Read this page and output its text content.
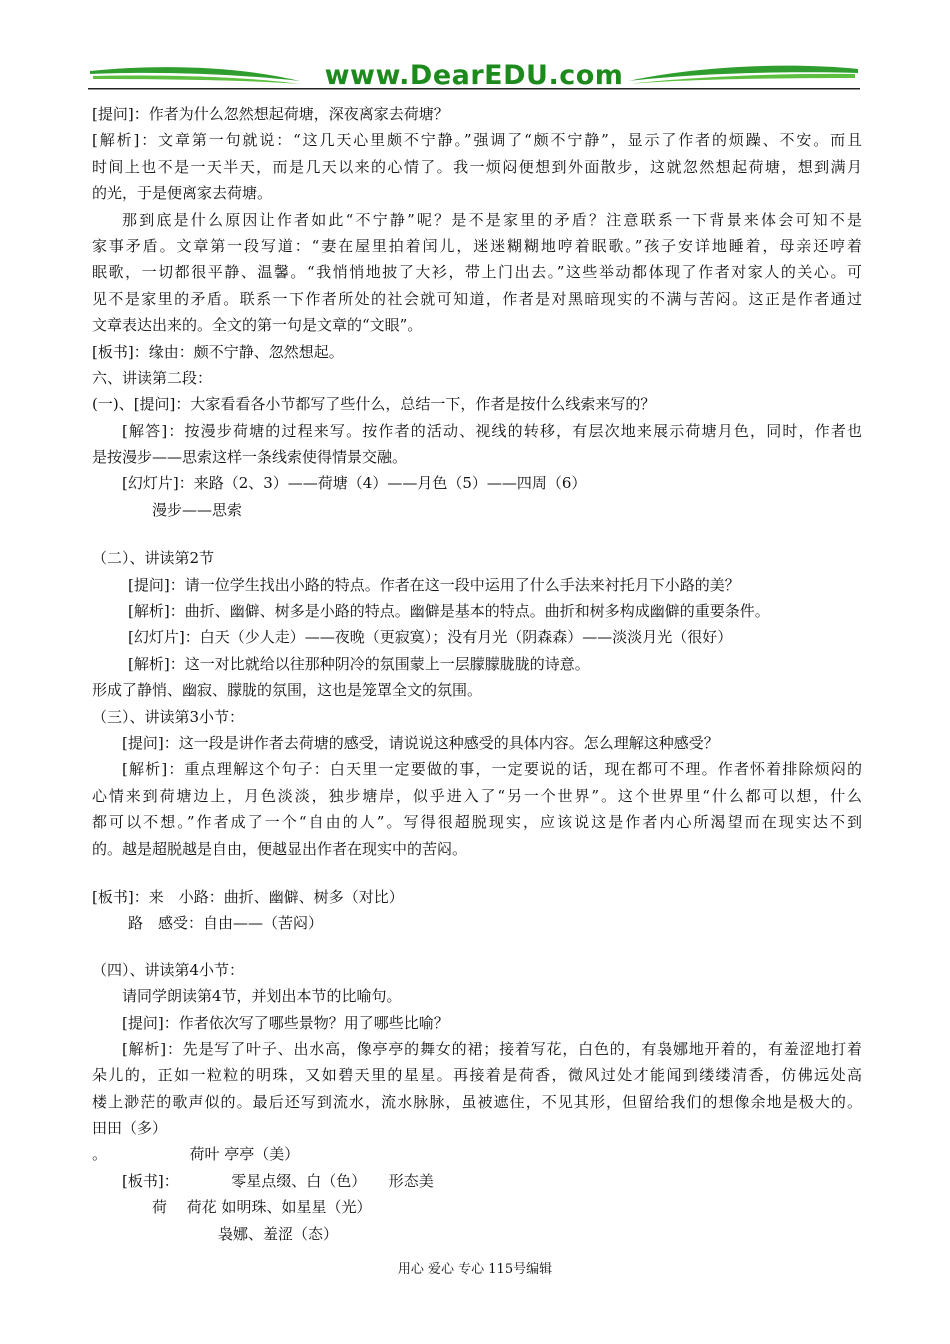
www.DearEDU.com
[提问]：作者为什么忽然想起荷塘，深夜离家去荷塘？
[解析]：文章第一句就说：“这几天心里颇不宁静。”强调了“颇不宁静”，显示了作者的烦躁、不安。而且
时间上也不是一天半天，而是几天以来的心情了。我一烦闷便想到外面散步，这就忽然想起荷塘，想到满月
的光，于是便离家去荷塘。
那到底是什么原因让作者如此“不宁静”呢？是不是家里的矛盾？注意联系一下背景来体会可知不是
家事矛盾。文章第一段写道：“妻在屋里拍着闰儿，迷迷糊糊地哼着眠歌。”孩子安详地睡着，母亲还哼着
眠歌，一切都很平静、温馨。“我悄悄地披了大衫，带上门出去。”这些举动都体现了作者对家人的关心。可
见不是家里的矛盾。联系一下作者所处的社会就可知道，作者是对黑暗现实的不满与苦闷。这正是作者通过
文章表达出来的。全文的第一句是文章的“文眼”。
[板书]：缘由：颇不宁静、忽然想起。
六、讲读第二段：
(一)、[提问]：大家看看各小节都写了些什么，总结一下，作者是按什么线索来写的？
[解答]：按漫步荷塘的过程来写。按作者的活动、视线的转移，有层次地来展示荷塘月色，同时，作者也
是按漫步——思索这样一条线索使得情景交融。
[幻灯片]：来路（2、3）——荷塘（4）——月色（5）——四周（6）
漫步——思索
（二）、讲读第2节
[提问]：请一位学生找出小路的特点。作者在这一段中运用了什么手法来衬托月下小路的美？
[解析]：曲折、幽僻、树多是小路的特点。幽僻是基本的特点。曲折和树多构成幽僻的重要条件。
[幻灯片]：白天（少人走）——夜晚（更寂寞）；没有月光（阴森森）——淡淡月光（很好）
[解析]：这一对比就给以往那种阴冷的氛围蒙上一层朦朦胧胧的诗意。
形成了静悄、幽寂、朦胧的氛围，这也是笼罩全文的氛围。
（三）、讲读第3小节：
[提问]：这一段是讲作者去荷塘的感受，请说说这种感受的具体内容。怎么理解这种感受？
[解析]：重点理解这个句子：白天里一定要做的事，一定要说的话，现在都可不理。作者怀着排除烦闷的
心情来到荷塘边上，月色淡淡，独步塘岸，似乎进入了“另一个世界”。这个世界里“什么都可以想，什么
都可以不想。”作者成了一个“自由的人”。写得很超脱现实，应该说这是作者内心所渴望而在现实达不到
的。越是超脱越是自由，便越显出作者在现实中的苦闷。
[板书]：来　小路：曲折、幽僻、树多（对比）
路　感受：自由——（苦闷）
（四）、讲读第4小节：
请同学朗读第4节，并划出本节的比喻句。
[提问]：作者依次写了哪些景物？用了哪些比喻？
[解析]：先是写了叶子、出水高，像亭亭的舞女的裙；接着写花，白色的，有袅娜地开着的，有羞涩地打着
朵儿的，正如一粒粒的明珠，又如碧天里的星星。再接着是荷香，微风过处才能闻到缕缕清香，仿佛远处高
楼上渺茫的歌声似的。最后还写到流水，流水脉脉，虽被遮住，不见其形，但留给我们的想像余地是极大的。
田田（多）
。　　　　　　荷叶 亭亭（美）
[板书]：　　　　零星点缀、白（色）　　形态美
荷　 荷花 如明珠、如星星（光）
袅娜、羞涩（态）
用心 爱心 专心 115号编辑
